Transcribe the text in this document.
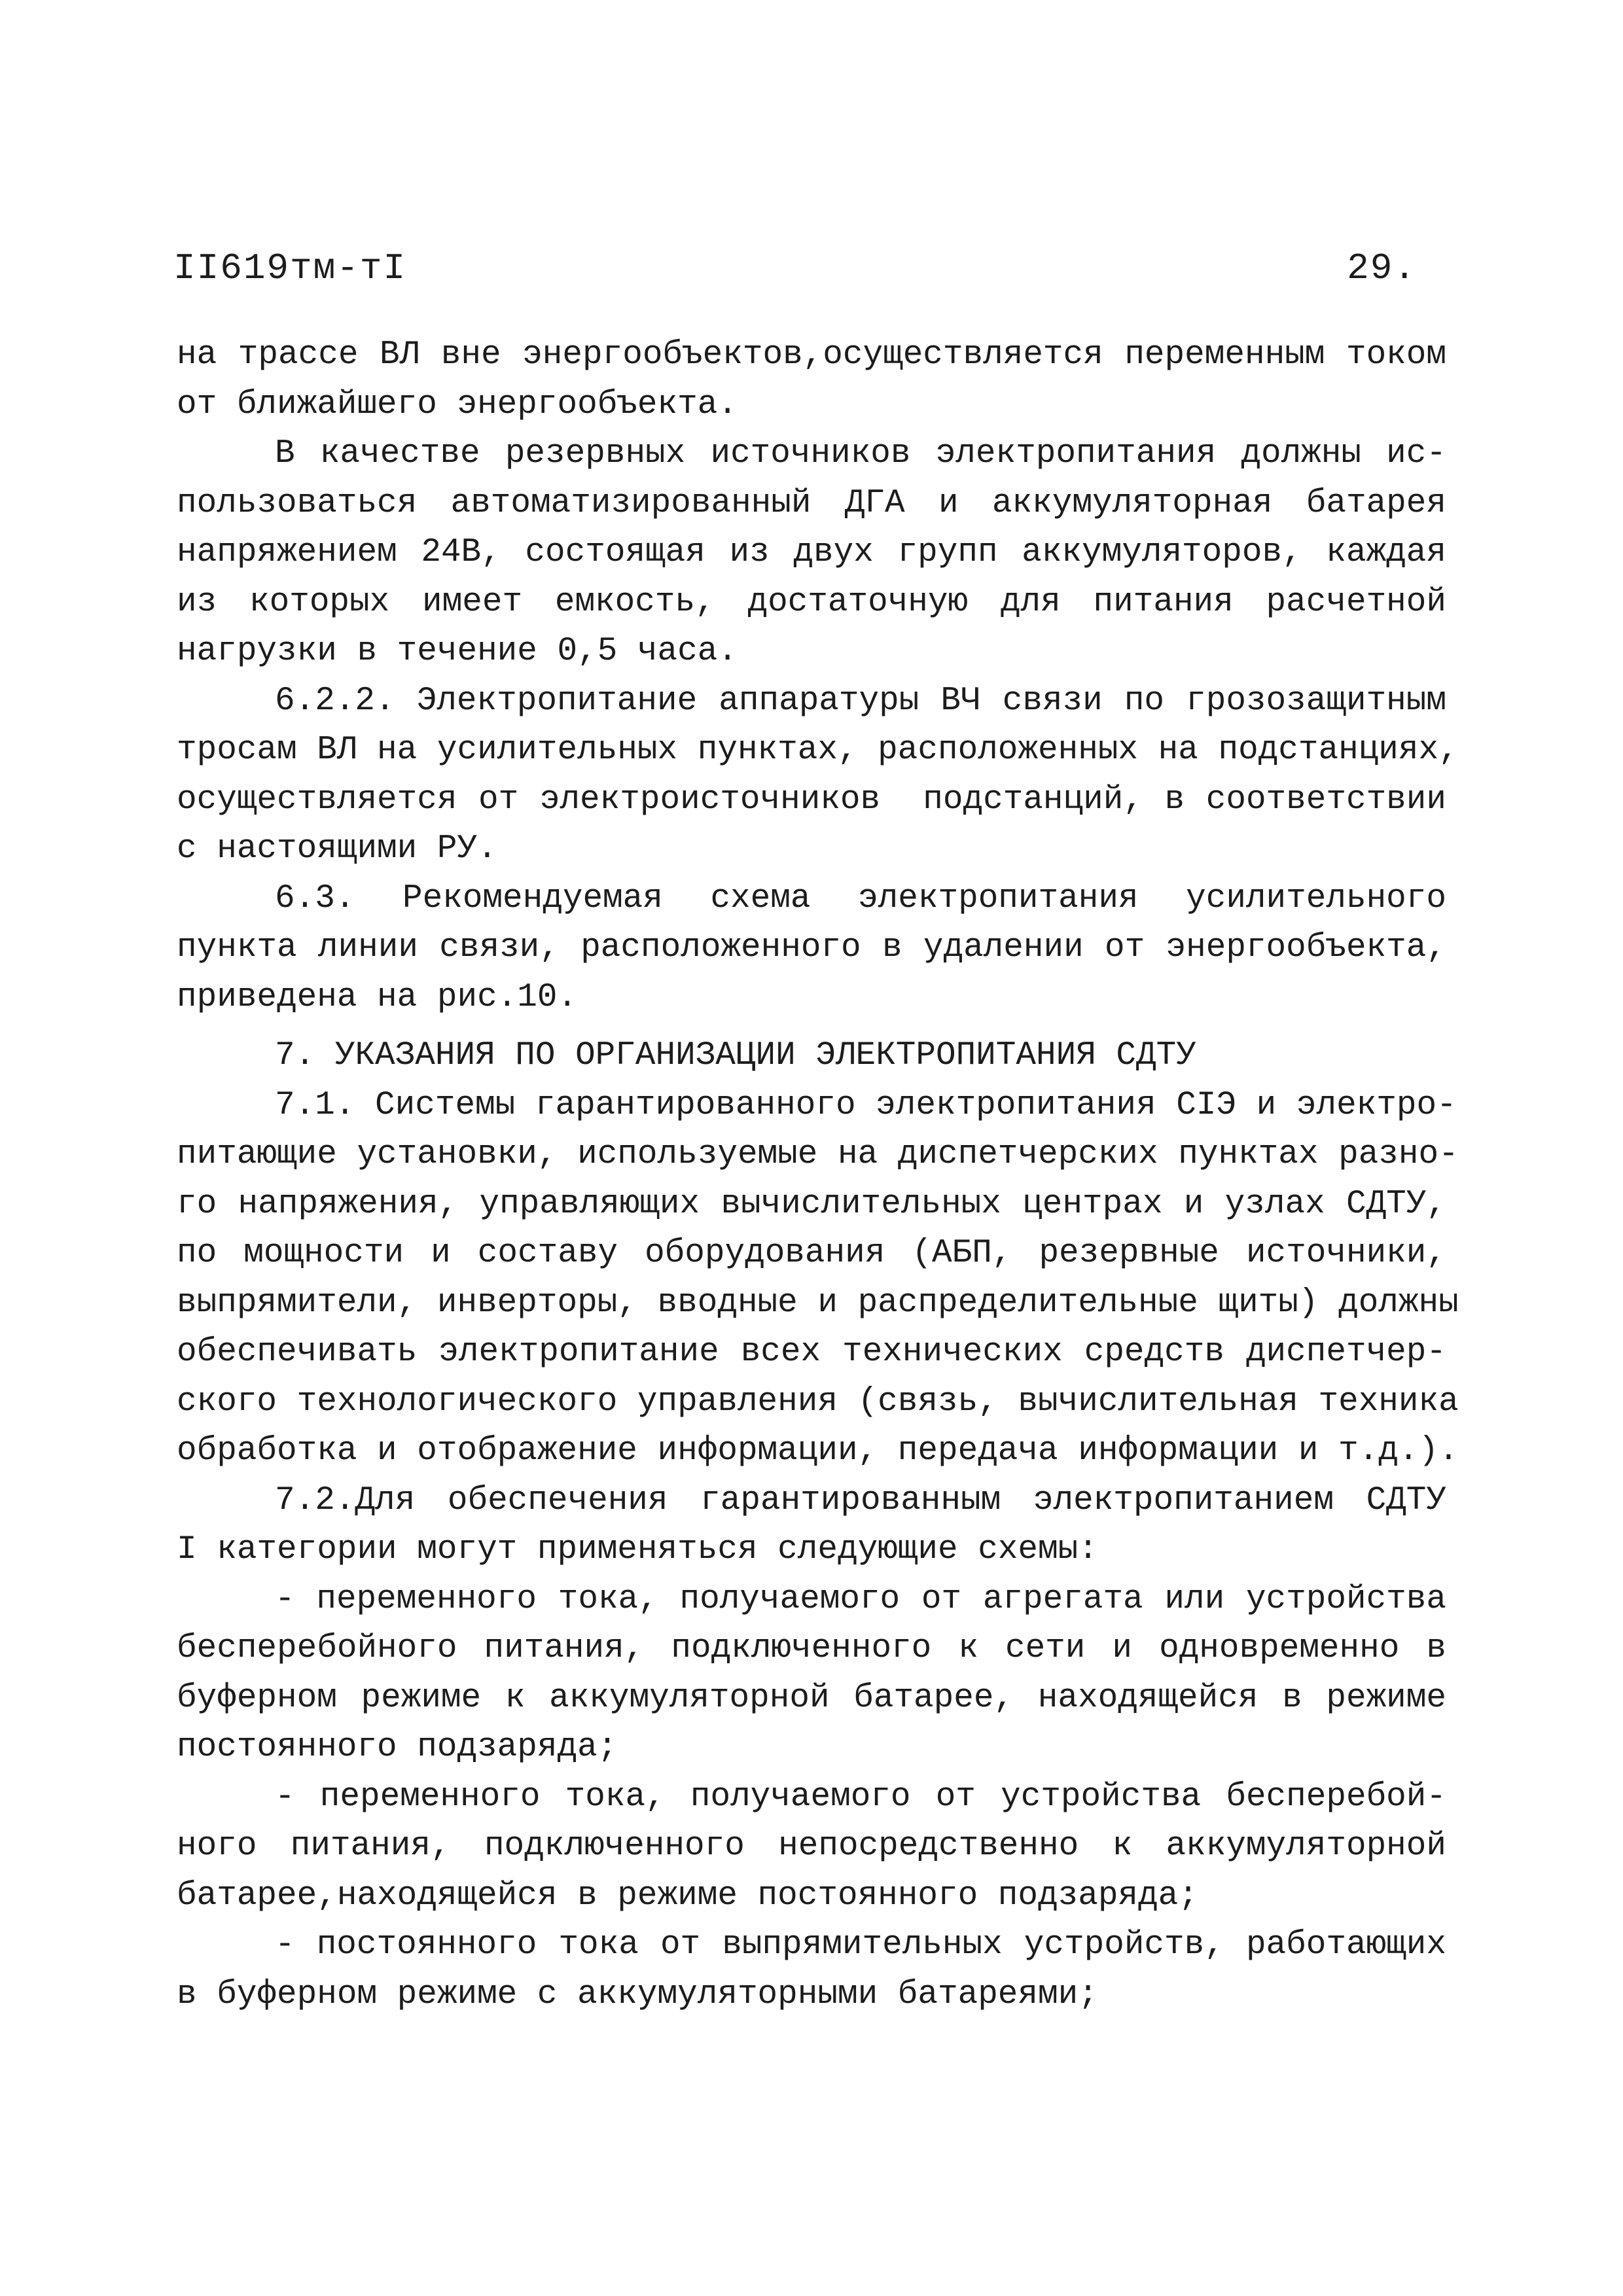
II619тм-тI	29.
на трассе ВЛ вне энергообъектов,осуществляется переменным током
от ближайшего энергообъекта.
В качестве резервных источников электропитания должны ис-
пользоваться автоматизированный ДГА и аккумуляторная батарея
напряжением 24В, состоящая из двух групп аккумуляторов, каждая
из которых имеет емкость, достаточную для питания расчетной
нагрузки в течение 0,5 часа.
6.2.2. Электропитание аппаратуры ВЧ связи по грозозащитным
тросам ВЛ на усилительных пунктах, расположенных на подстанциях,
осуществляется от электроисточников  подстанций, в соответствии
с настоящими РУ.
6.3. Рекомендуемая схема электропитания усилительного
пункта линии связи, расположенного в удалении от энергообъекта,
приведена на рис.10.
7. УКАЗАНИЯ ПО ОРГАНИЗАЦИИ ЭЛЕКТРОПИТАНИЯ СДТУ
7.1. Системы гарантированного электропитания СIЭ и электро-
питающие установки, используемые на диспетчерских пунктах разно-
го напряжения, управляющих вычислительных центрах и узлах СДТУ,
по мощности и составу оборудования (АБП, резервные источники,
выпрямители, инверторы, вводные и распределительные щиты) должны
обеспечивать электропитание всех технических средств диспетчер-
ского технологического управления (связь, вычислительная техника
обработка и отображение информации, передача информации и т.д.).
7.2.Для обеспечения гарантированным электропитанием СДТУ
I категории могут применяться следующие схемы:
- переменного тока, получаемого от агрегата или устройства
бесперебойного питания, подключенного к сети и одновременно в
буферном режиме к аккумуляторной батарее, находящейся в режиме
постоянного подзаряда;
- переменного тока, получаемого от устройства бесперебой-
ного питания, подключенного непосредственно к аккумуляторной
батарее,находящейся в режиме постоянного подзаряда;
- постоянного тока от выпрямительных устройств, работающих
в буферном режиме с аккумуляторными батареями;
